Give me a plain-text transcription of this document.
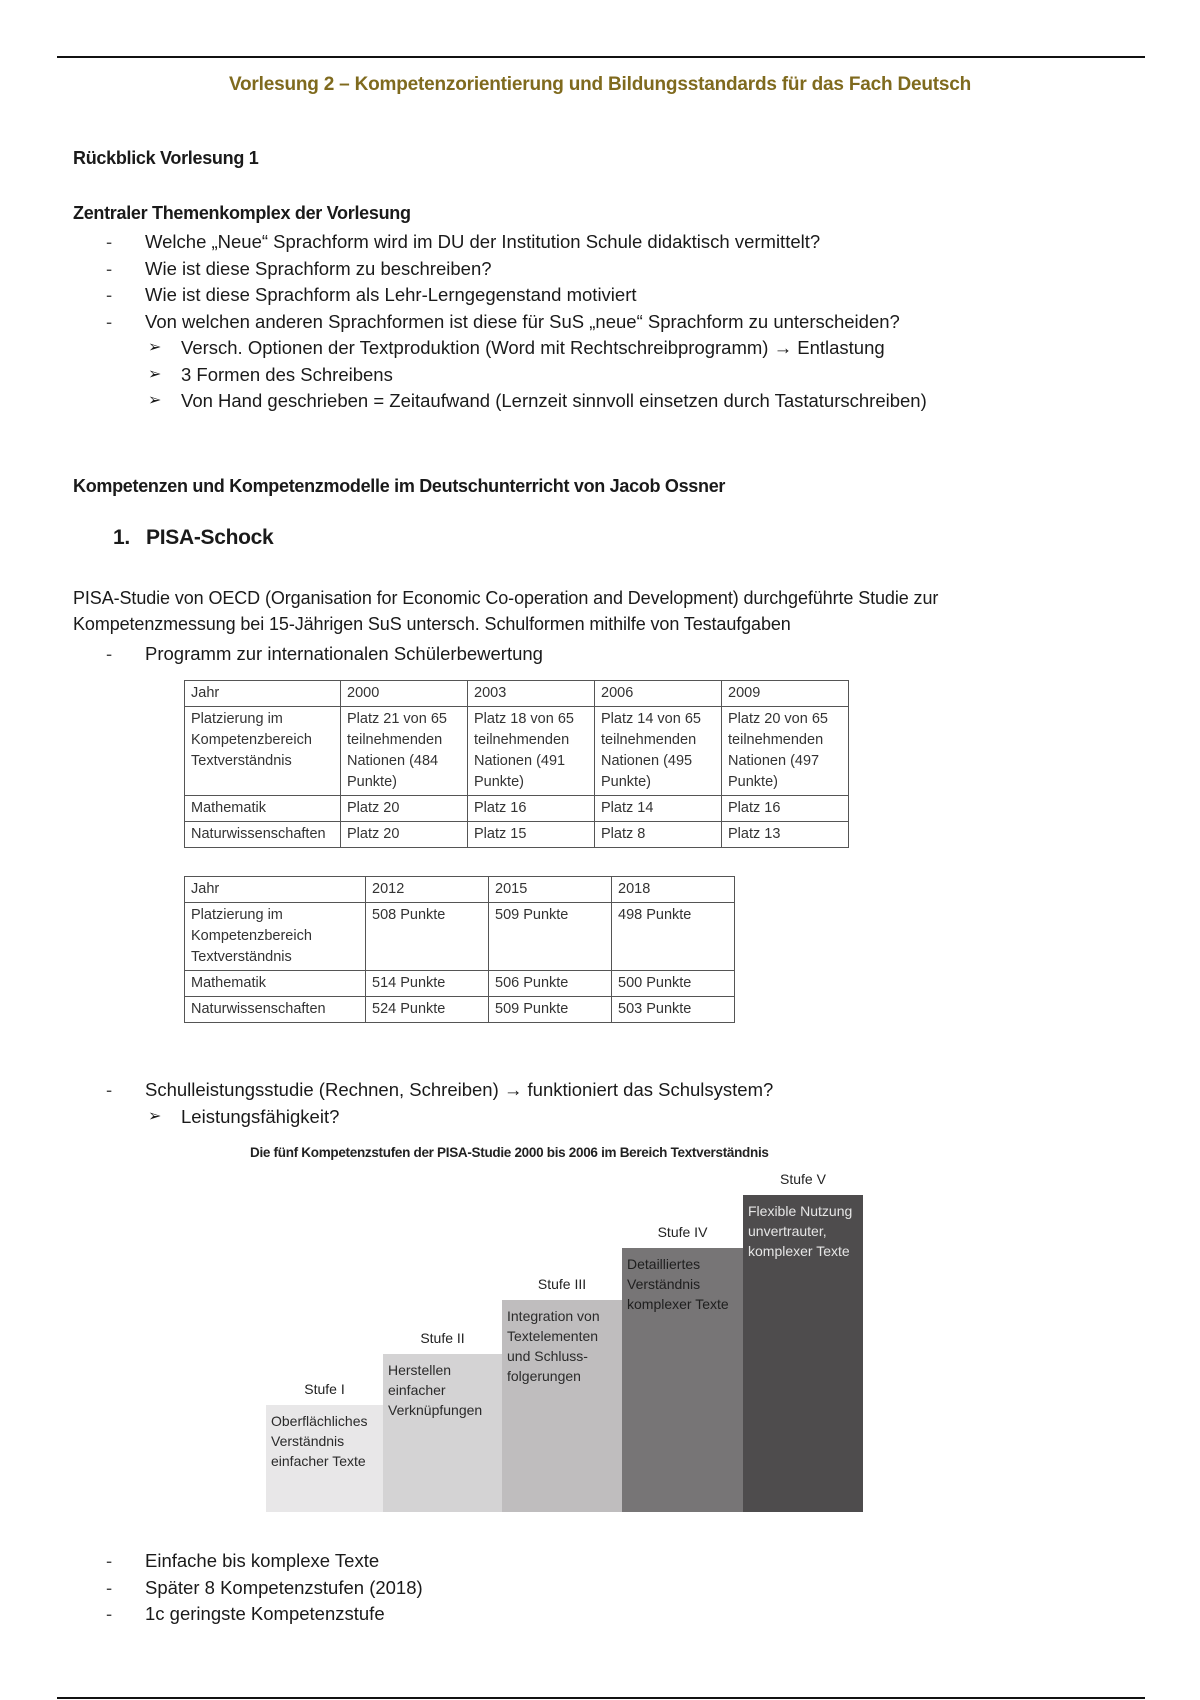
Vorlesung 2 – Kompetenzorientierung und Bildungsstandards für das Fach Deutsch
Rückblick Vorlesung 1
Zentraler Themenkomplex der Vorlesung
- Welche „Neue“ Sprachform wird im DU der Institution Schule didaktisch vermittelt?
- Wie ist diese Sprachform zu beschreiben?
- Wie ist diese Sprachform als Lehr-Lerngegenstand motiviert
- Von welchen anderen Sprachformen ist diese für SuS „neue“ Sprachform zu unterscheiden?
➢ Versch. Optionen der Textproduktion (Word mit Rechtschreibprogramm) → Entlastung
➢ 3 Formen des Schreibens
➢ Von Hand geschrieben = Zeitaufwand (Lernzeit sinnvoll einsetzen durch Tastaturschreiben)
Kompetenzen und Kompetenzmodelle im Deutschunterricht von Jacob Ossner
1. PISA-Schock
PISA-Studie von OECD (Organisation for Economic Co-operation and Development) durchgeführte Studie zur
Kompetenzmessung bei 15-Jährigen SuS untersch. Schulformen mithilfe von Testaufgaben
- Programm zur internationalen Schülerbewertung
Jahr	2000	2003	2006	2009
Platzierung im Kompetenzbereich Textverständnis	Platz 21 von 65 teilnehmenden Nationen (484 Punkte)	Platz 18 von 65 teilnehmenden Nationen (491 Punkte)	Platz 14 von 65 teilnehmenden Nationen (495 Punkte)	Platz 20 von 65 teilnehmenden Nationen (497 Punkte)
Mathematik	Platz 20	Platz 16	Platz 14	Platz 16
Naturwissenschaften	Platz 20	Platz 15	Platz 8	Platz 13
Jahr	2012	2015	2018
Platzierung im Kompetenzbereich Textverständnis	508 Punkte	509 Punkte	498 Punkte
Mathematik	514 Punkte	506 Punkte	500 Punkte
Naturwissenschaften	524 Punkte	509 Punkte	503 Punkte
- Schulleistungsstudie (Rechnen, Schreiben) → funktioniert das Schulsystem?
➢ Leistungsfähigkeit?
Die fünf Kompetenzstufen der PISA-Studie 2000 bis 2006 im Bereich Textverständnis
Stufe I
Oberflächliches Verständnis einfacher Texte
Stufe II
Herstellen einfacher Verknüpfungen
Stufe III
Integration von Textelementen und Schluss-folgerungen
Stufe IV
Detailliertes Verständnis komplexer Texte
Stufe V
Flexible Nutzung unvertrauter, komplexer Texte
- Einfache bis komplexe Texte
- Später 8 Kompetenzstufen (2018)
- 1c geringste Kompetenzstufe
